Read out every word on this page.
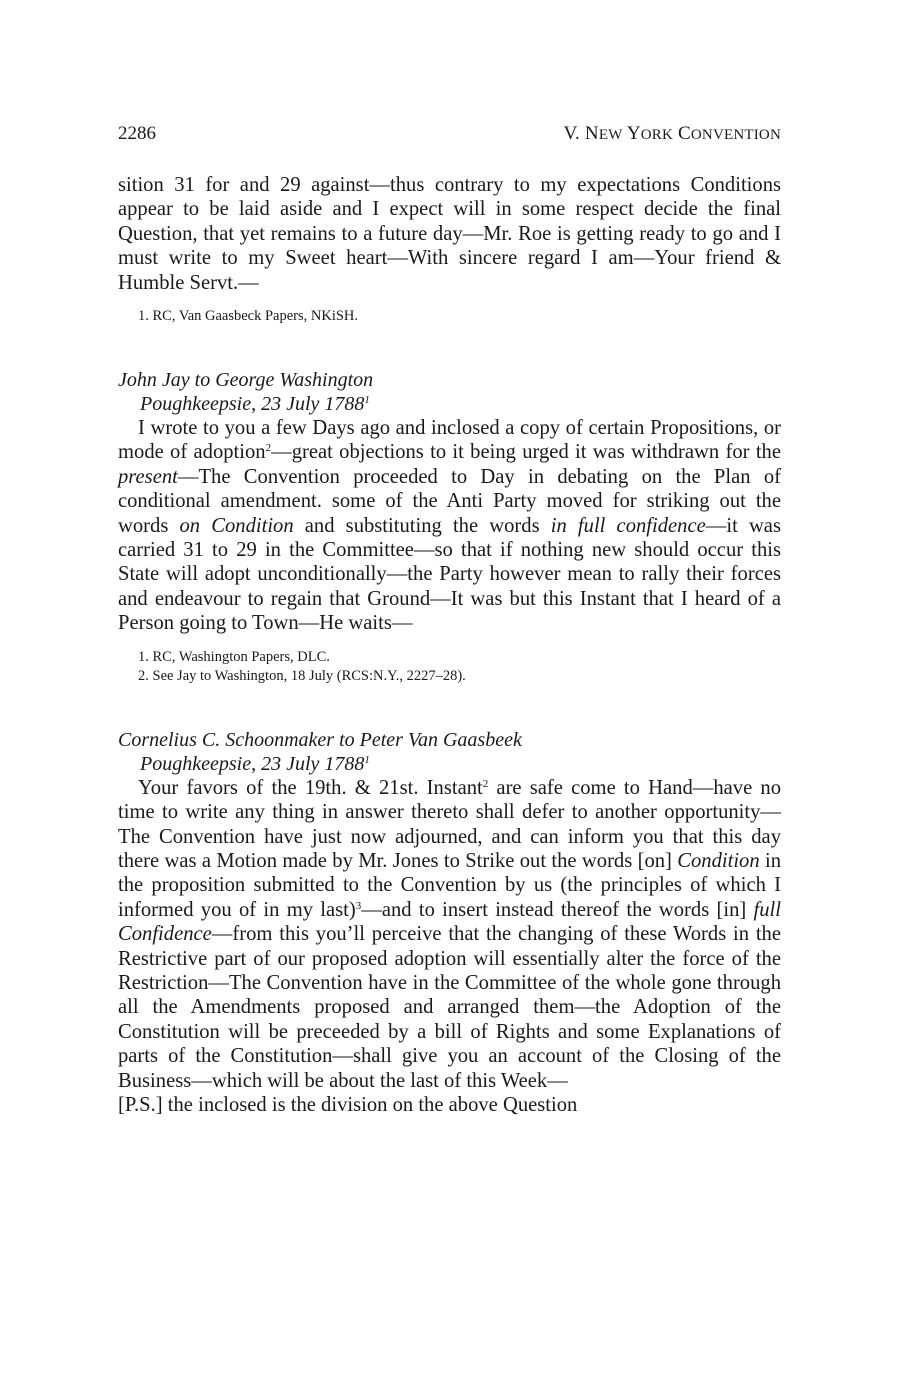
2286	V. NEW YORK CONVENTION

sition 31 for and 29 against—thus contrary to my expectations Conditions appear to be laid aside and I expect will in some respect decide the final Question, that yet remains to a future day—Mr. Roe is getting ready to go and I must write to my Sweet heart—With sincere regard I am—Your friend & Humble Servt.—

1. RC, Van Gaasbeck Papers, NKiSH.

John Jay to George Washington
Poughkeepsie, 23 July 1788$^1$

I wrote to you a few Days ago and inclosed a copy of certain Propositions, or mode of adoption$^2$—great objections to it being urged it was withdrawn for the present—The Convention proceeded to Day in debating on the Plan of conditional amendment. some of the Anti Party moved for striking out the words on Condition and substituting the words in full confidence—it was carried 31 to 29 in the Committee—so that if nothing new should occur this State will adopt unconditionally—the Party however mean to rally their forces and endeavour to regain that Ground—It was but this Instant that I heard of a Person going to Town—He waits—

1. RC, Washington Papers, DLC.

2. See Jay to Washington, 18 July (RCS:N.Y., 2227–28).

Cornelius C. Schoonmaker to Peter Van Gaasbeek
Poughkeepsie, 23 July 1788$^1$

Your favors of the 19th. & 21st. Instant$^2$ are safe come to Hand—have no time to write any thing in answer thereto shall defer to another opportunity—The Convention have just now adjourned, and can inform you that this day there was a Motion made by Mr. Jones to Strike out the words [on] Condition in the proposition submitted to the Convention by us (the principles of which I informed you of in my last)$^3$—and to insert instead thereof the words [in] full Confidence—from this you’ll perceive that the changing of these Words in the Restrictive part of our proposed adoption will essentially alter the force of the Restriction—The Convention have in the Committee of the whole gone through all the Amendments proposed and arranged them—the Adoption of the Constitution will be preceeded by a bill of Rights and some Explanations of parts of the Constitution—shall give you an account of the Closing of the Business—which will be about the last of this Week—

[P.S.] the inclosed is the division on the above Question
